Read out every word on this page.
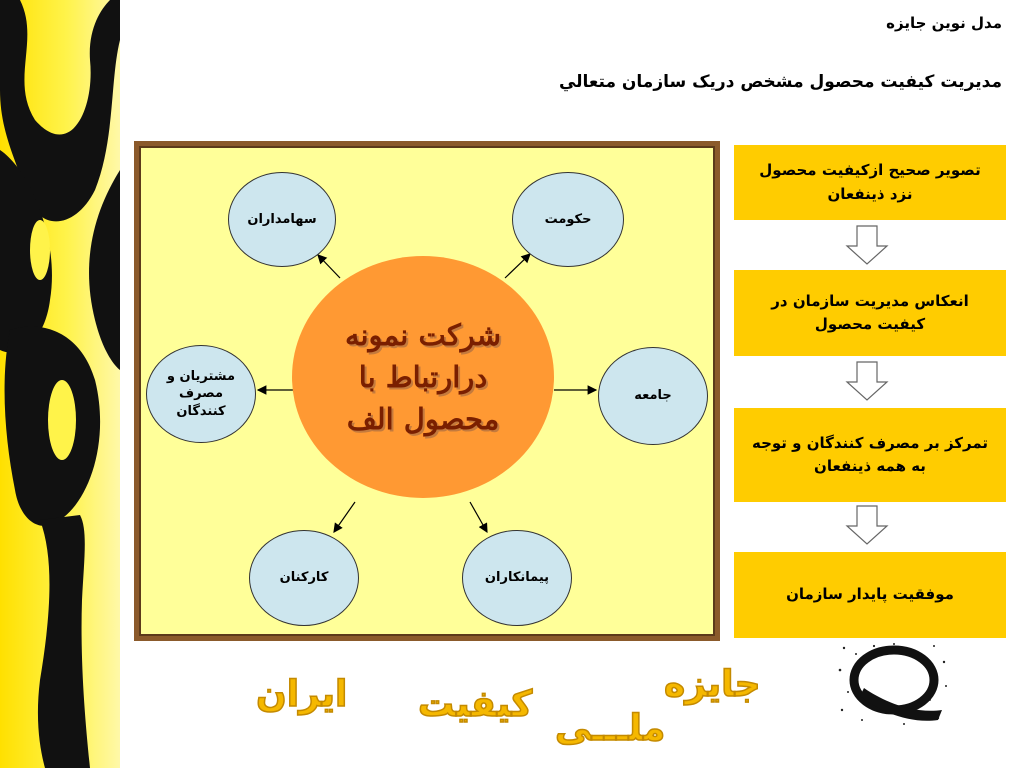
مدل نوين جايزه
مديريت كيفيت محصول مشخص دريک سازمان متعالي
سهامداران	حکومت
مشتريان و مصرف كنندگان
جامعه
كاركنان	پيمانكاران
شركت نمونه
درارتباط با
محصول الف
تصوير صحيح ازكيفيت محصول نزد ذينفعان
انعكاس مديريت سازمان در كيفيت محصول
تمركز بر مصرف كنندگان و توجه به همه ذينفعان
موفقيت پايدار سازمان
جايزه
كيفيت
ايران
ملـــی
